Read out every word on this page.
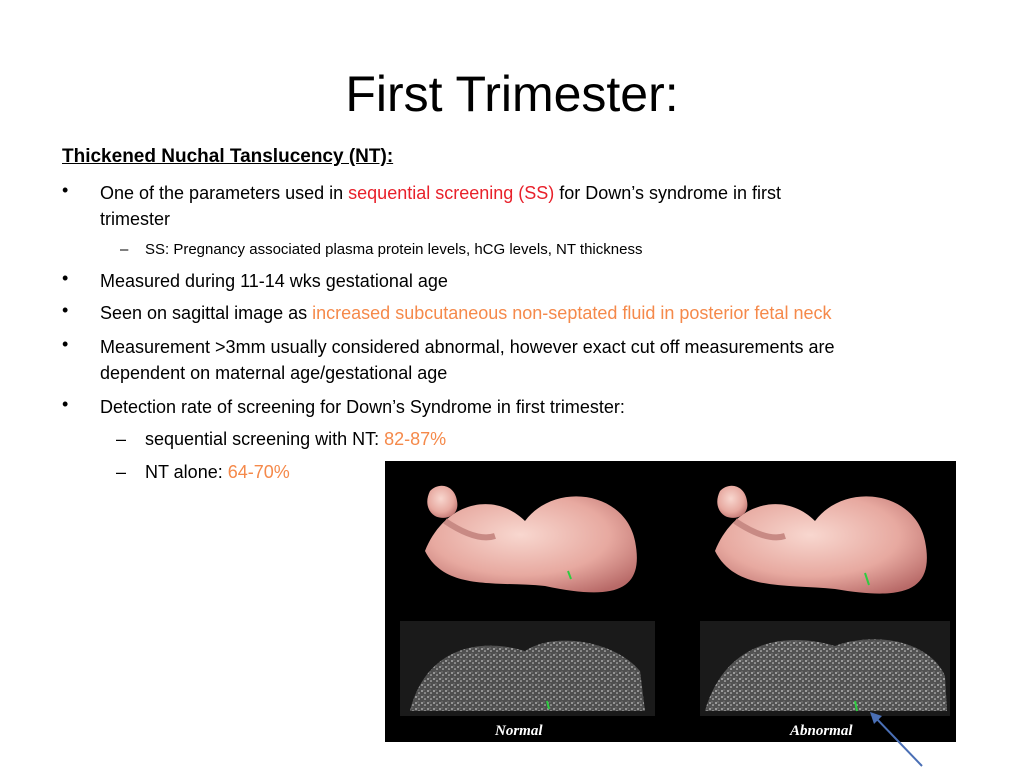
First Trimester:
Thickened Nuchal Tanslucency (NT):
• One of the parameters used in sequential screening (SS) for Down’s syndrome in first
trimester
– SS: Pregnancy associated plasma protein levels, hCG levels, NT thickness
• Measured during 11-14 wks gestational age
• Seen on sagittal image as increased subcutaneous non-septated fluid in posterior fetal neck
• Measurement >3mm usually considered abnormal, however exact cut off measurements are
dependent on maternal age/gestational age
• Detection rate of screening for Down’s Syndrome in first trimester:
– sequential screening with NT: 82-87%
– NT alone: 64-70%
Normal	Abnormal
